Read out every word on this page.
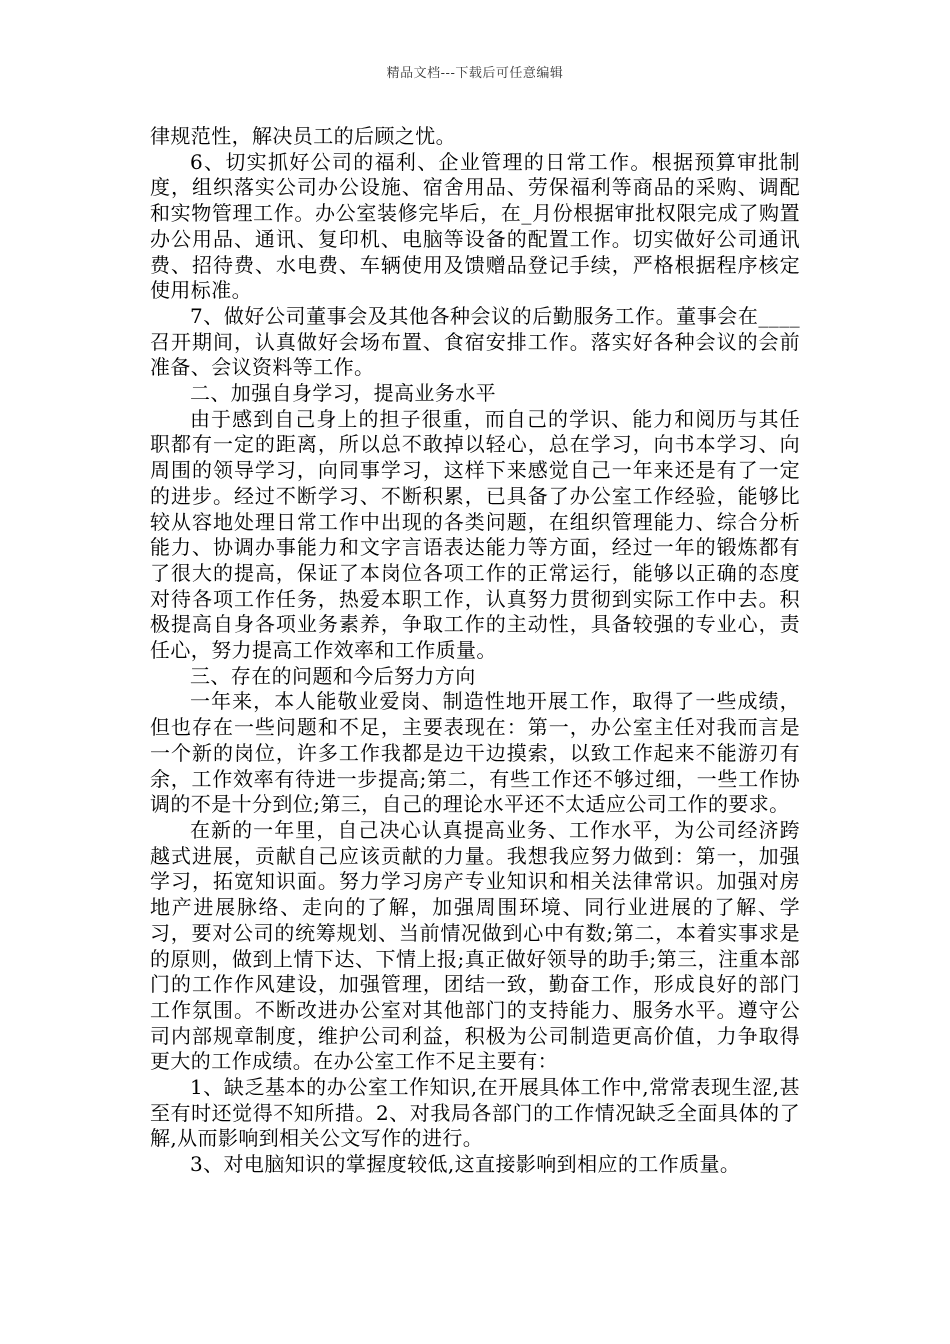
精品文档---下载后可任意编辑

律规范性，解决员工的后顾之忧。

6、切实抓好公司的福利、企业管理的日常工作。根据预算审批制度，组织落实公司办公设施、宿舍用品、劳保福利等商品的采购、调配和实物管理工作。办公室装修完毕后，在_月份根据审批权限完成了购置办公用品、通讯、复印机、电脑等设备的配置工作。切实做好公司通讯费、招待费、水电费、车辆使用及馈赠品登记手续，严格根据程序核定使用标准。

7、做好公司董事会及其他各种会议的后勤服务工作。董事会在____召开期间，认真做好会场布置、食宿安排工作。落实好各种会议的会前准备、会议资料等工作。

二、加强自身学习，提高业务水平

由于感到自己身上的担子很重，而自己的学识、能力和阅历与其任职都有一定的距离，所以总不敢掉以轻心，总在学习，向书本学习、向周围的领导学习，向同事学习，这样下来感觉自己一年来还是有了一定的进步。经过不断学习、不断积累，已具备了办公室工作经验，能够比较从容地处理日常工作中出现的各类问题，在组织管理能力、综合分析能力、协调办事能力和文字言语表达能力等方面，经过一年的锻炼都有了很大的提高，保证了本岗位各项工作的正常运行，能够以正确的态度对待各项工作任务，热爱本职工作，认真努力贯彻到实际工作中去。积极提高自身各项业务素养，争取工作的主动性，具备较强的专业心，责任心，努力提高工作效率和工作质量。

三、存在的问题和今后努力方向

一年来，本人能敬业爱岗、制造性地开展工作，取得了一些成绩，但也存在一些问题和不足，主要表现在：第一，办公室主任对我而言是一个新的岗位，许多工作我都是边干边摸索，以致工作起来不能游刃有余，工作效率有待进一步提高;第二，有些工作还不够过细，一些工作协调的不是十分到位;第三，自己的理论水平还不太适应公司工作的要求。

在新的一年里，自己决心认真提高业务、工作水平，为公司经济跨越式进展，贡献自己应该贡献的力量。我想我应努力做到：第一，加强学习，拓宽知识面。努力学习房产专业知识和相关法律常识。加强对房地产进展脉络、走向的了解，加强周围环境、同行业进展的了解、学习，要对公司的统筹规划、当前情况做到心中有数;第二，本着实事求是的原则，做到上情下达、下情上报;真正做好领导的助手;第三，注重本部门的工作作风建设，加强管理，团结一致，勤奋工作，形成良好的部门工作氛围。不断改进办公室对其他部门的支持能力、服务水平。遵守公司内部规章制度，维护公司利益，积极为公司制造更高价值，力争取得更大的工作成绩。在办公室工作不足主要有：

1、缺乏基本的办公室工作知识,在开展具体工作中,常常表现生涩,甚至有时还觉得不知所措。2、对我局各部门的工作情况缺乏全面具体的了解,从而影响到相关公文写作的进行。

3、对电脑知识的掌握度较低,这直接影响到相应的工作质量。
